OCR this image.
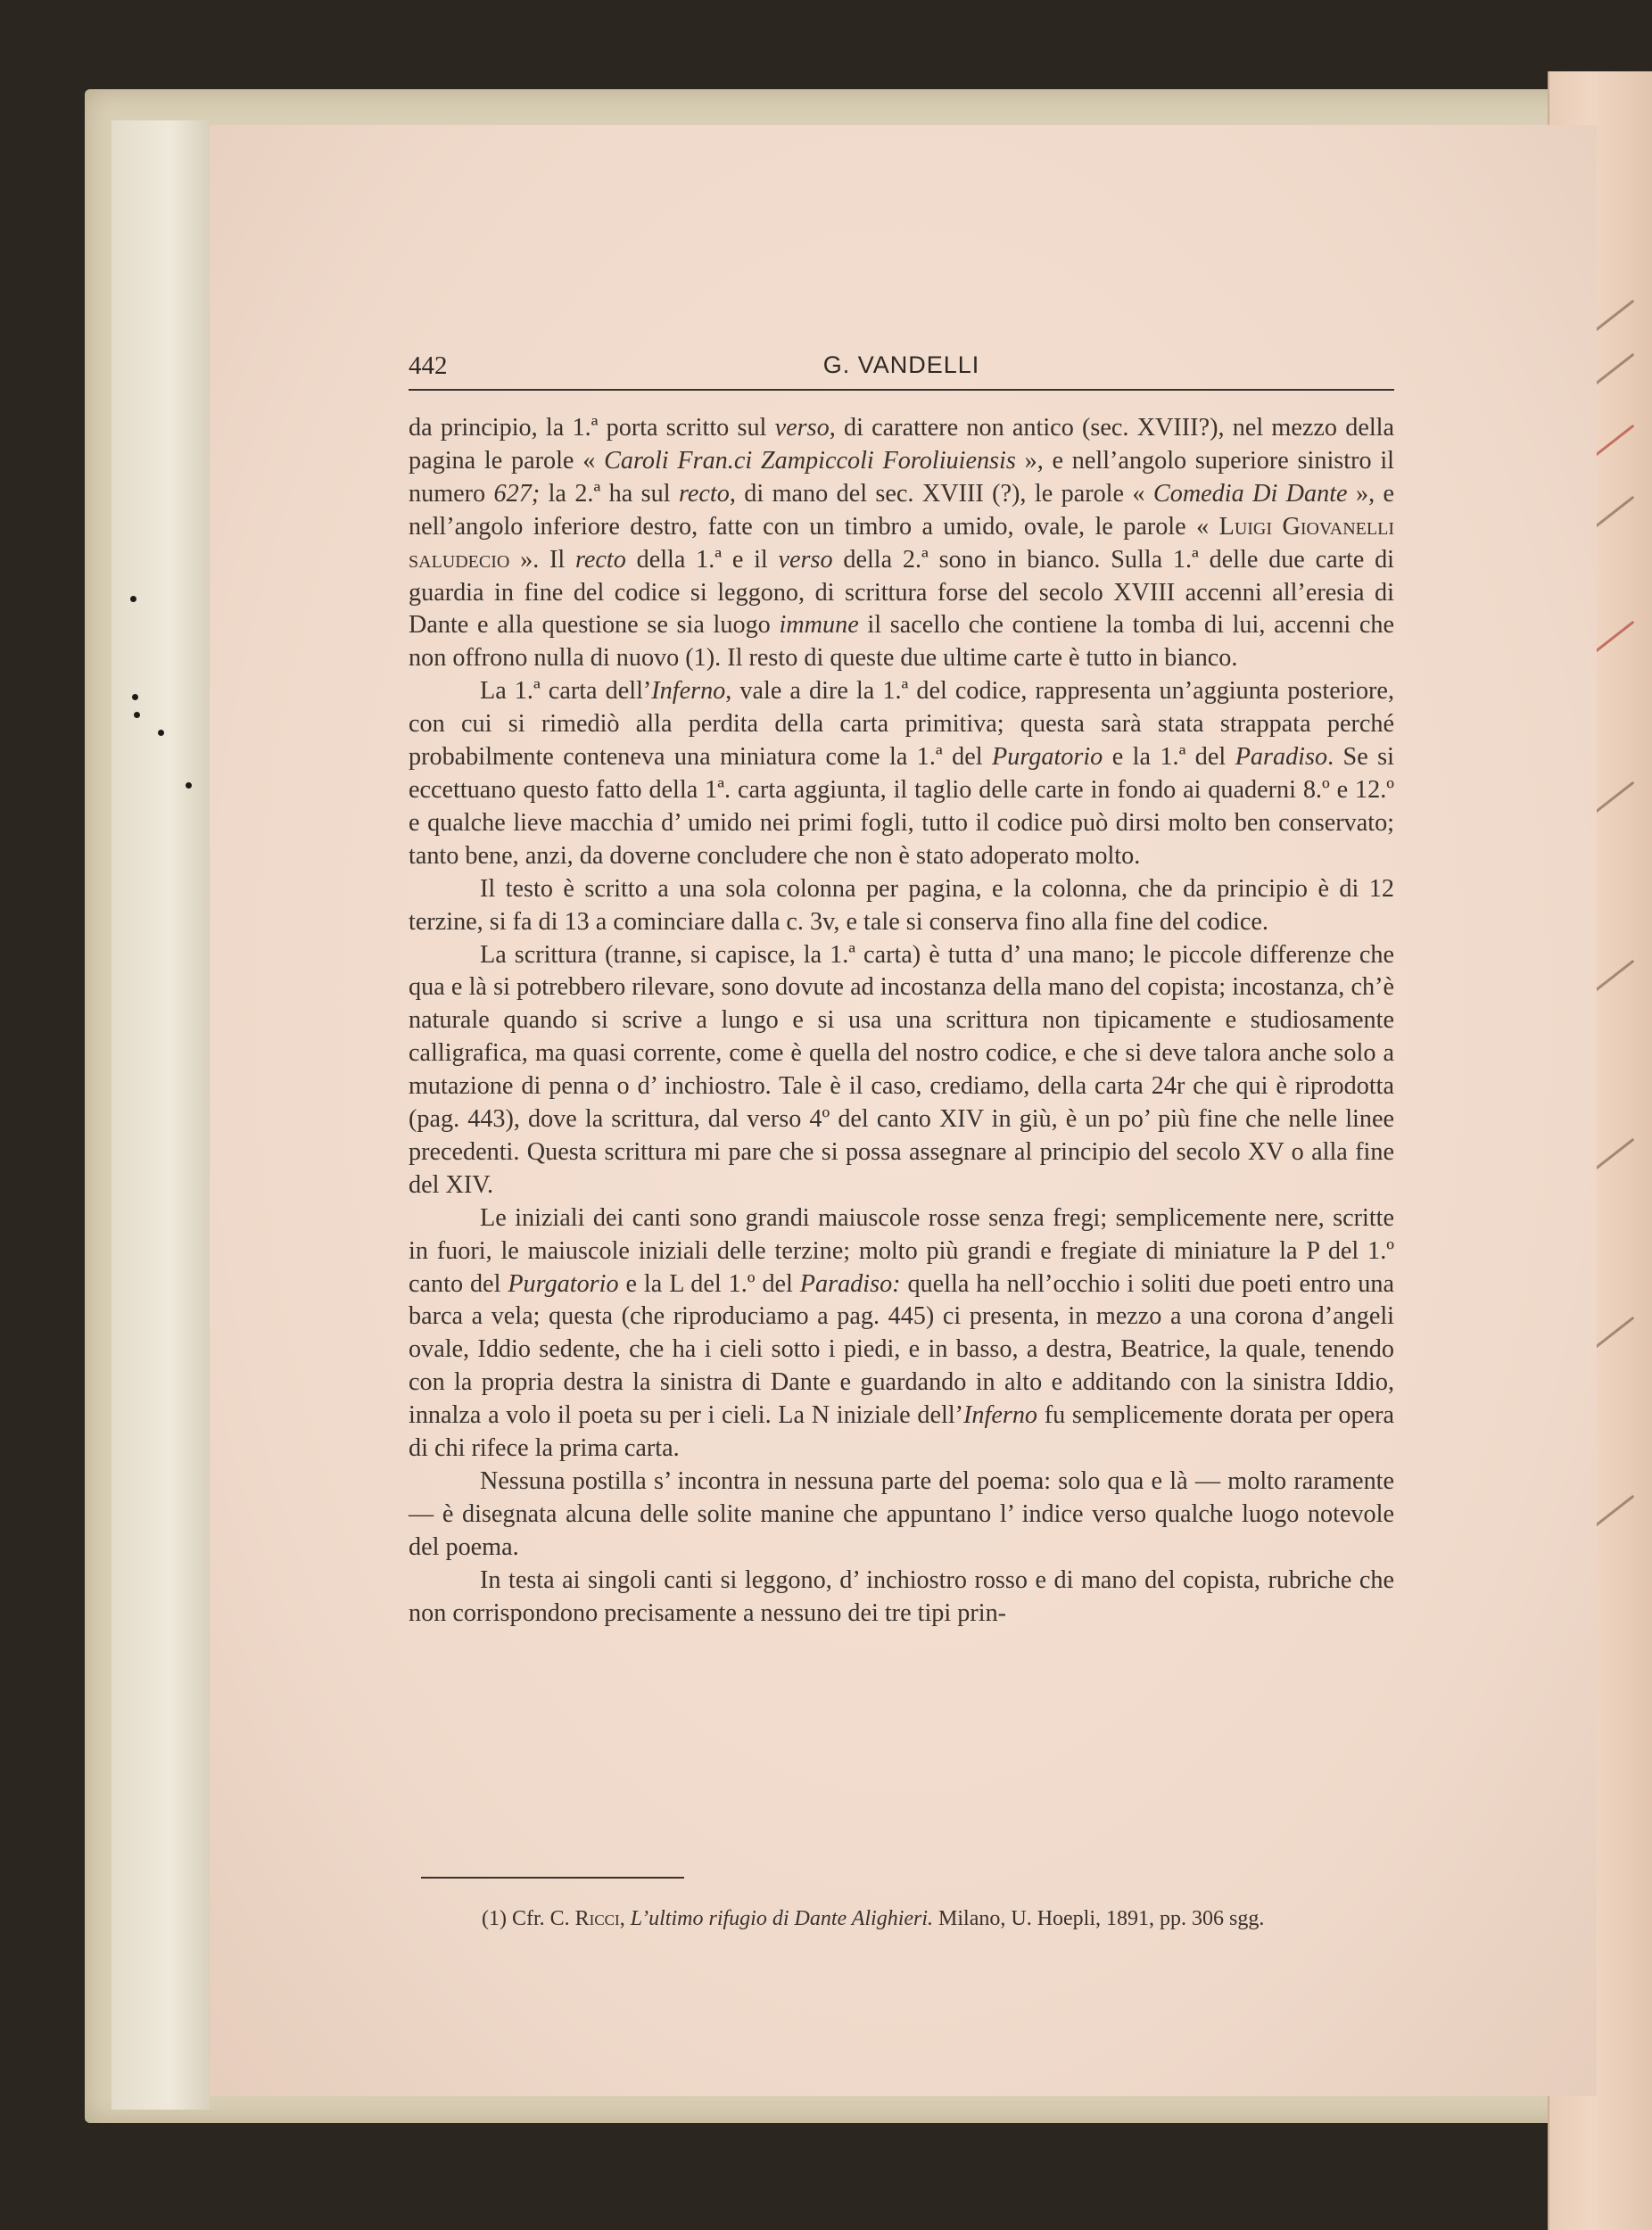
442	G. VANDELLI

da principio, la 1.ª porta scritto sul verso, di carattere non antico (sec. XVIII?), nel mezzo della pagina le parole « Caroli Fran.ci Zampiccoli Foroliuiensis », e nell’angolo superiore sinistro il numero 627; la 2.ª ha sul recto, di mano del sec. XVIII (?), le parole « Comedia Di Dante », e nell’angolo inferiore destro, fatte con un timbro a umido, ovale, le parole « Luigi Giovanelli saludecio ». Il recto della 1.ª e il verso della 2.ª sono in bianco. Sulla 1.ª delle due carte di guardia in fine del codice si leggono, di scrittura forse del secolo XVIII accenni all’eresia di Dante e alla questione se sia luogo immune il sacello che contiene la tomba di lui, accenni che non offrono nulla di nuovo (1). Il resto di queste due ultime carte è tutto in bianco.

La 1.ª carta dell’Inferno, vale a dire la 1.ª del codice, rappresenta un’aggiunta posteriore, con cui si rimediò alla perdita della carta primitiva; questa sarà stata strappata perché probabilmente conteneva una miniatura come la 1.ª del Purgatorio e la 1.ª del Paradiso. Se si eccettuano questo fatto della 1ª. carta aggiunta, il taglio delle carte in fondo ai quaderni 8.º e 12.º e qualche lieve macchia d’ umido nei primi fogli, tutto il codice può dirsi molto ben conservato; tanto bene, anzi, da doverne concludere che non è stato adoperato molto.

Il testo è scritto a una sola colonna per pagina, e la colonna, che da principio è di 12 terzine, si fa di 13 a cominciare dalla c. 3v, e tale si conserva fino alla fine del codice.

La scrittura (tranne, si capisce, la 1.ª carta) è tutta d’ una mano; le piccole differenze che qua e là si potrebbero rilevare, sono dovute ad incostanza della mano del copista; incostanza, ch’è naturale quando si scrive a lungo e si usa una scrittura non tipicamente e studiosamente calligrafica, ma quasi corrente, come è quella del nostro codice, e che si deve talora anche solo a mutazione di penna o d’ inchiostro. Tale è il caso, crediamo, della carta 24r che qui è riprodotta (pag. 443), dove la scrittura, dal verso 4º del canto XIV in giù, è un po’ più fine che nelle linee precedenti. Questa scrittura mi pare che si possa assegnare al principio del secolo XV o alla fine del XIV.

Le iniziali dei canti sono grandi maiuscole rosse senza fregi; semplicemente nere, scritte in fuori, le maiuscole iniziali delle terzine; molto più grandi e fregiate di miniature la P del 1.º canto del Purgatorio e la L del 1.º del Paradiso: quella ha nell’occhio i soliti due poeti entro una barca a vela; questa (che riproduciamo a pag. 445) ci presenta, in mezzo a una corona d’angeli ovale, Iddio sedente, che ha i cieli sotto i piedi, e in basso, a destra, Beatrice, la quale, tenendo con la propria destra la sinistra di Dante e guardando in alto e additando con la sinistra Iddio, innalza a volo il poeta su per i cieli. La N iniziale dell’Inferno fu semplicemente dorata per opera di chi rifece la prima carta.

Nessuna postilla s’ incontra in nessuna parte del poema: solo qua e là — molto raramente — è disegnata alcuna delle solite manine che appuntano l’ indice verso qualche luogo notevole del poema.

In testa ai singoli canti si leggono, d’ inchiostro rosso e di mano del copista, rubriche che non corrispondono precisamente a nessuno dei tre tipi prin-

(1) Cfr. C. Ricci, L’ultimo rifugio di Dante Alighieri. Milano, U. Hoepli, 1891, pp. 306 sgg.
